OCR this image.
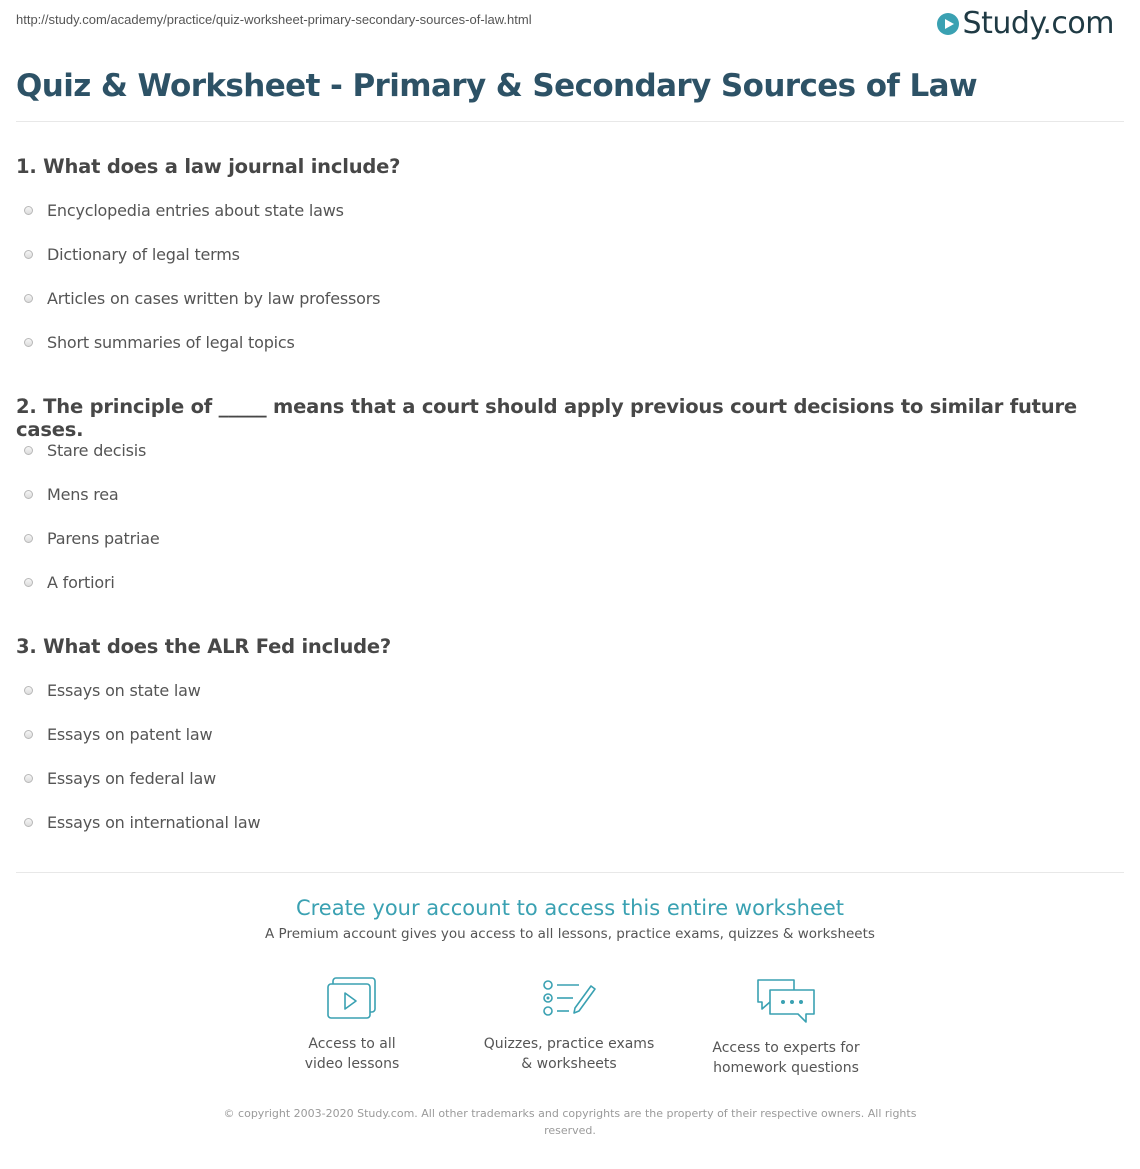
http://study.com/academy/practice/quiz-worksheet-primary-secondary-sources-of-law.html	Study.com
Quiz & Worksheet - Primary & Secondary Sources of Law

1. What does a law journal include?

Encyclopedia entries about state laws
Dictionary of legal terms
Articles on cases written by law professors
Short summaries of legal topics

2. The principle of _____ means that a court should apply previous court decisions to similar future cases.

Stare decisis
Mens rea
Parens patriae
A fortiori

3. What does the ALR Fed include?

Essays on state law
Essays on patent law
Essays on federal law
Essays on international law
Create your account to access this entire worksheet
A Premium account gives you access to all lessons, practice exams, quizzes & worksheets
Access to all
video lessons
Quizzes, practice exams
& worksheets
Access to experts for
homework questions
© copyright 2003-2020 Study.com. All other trademarks and copyrights are the property of their respective owners. All rights reserved.
